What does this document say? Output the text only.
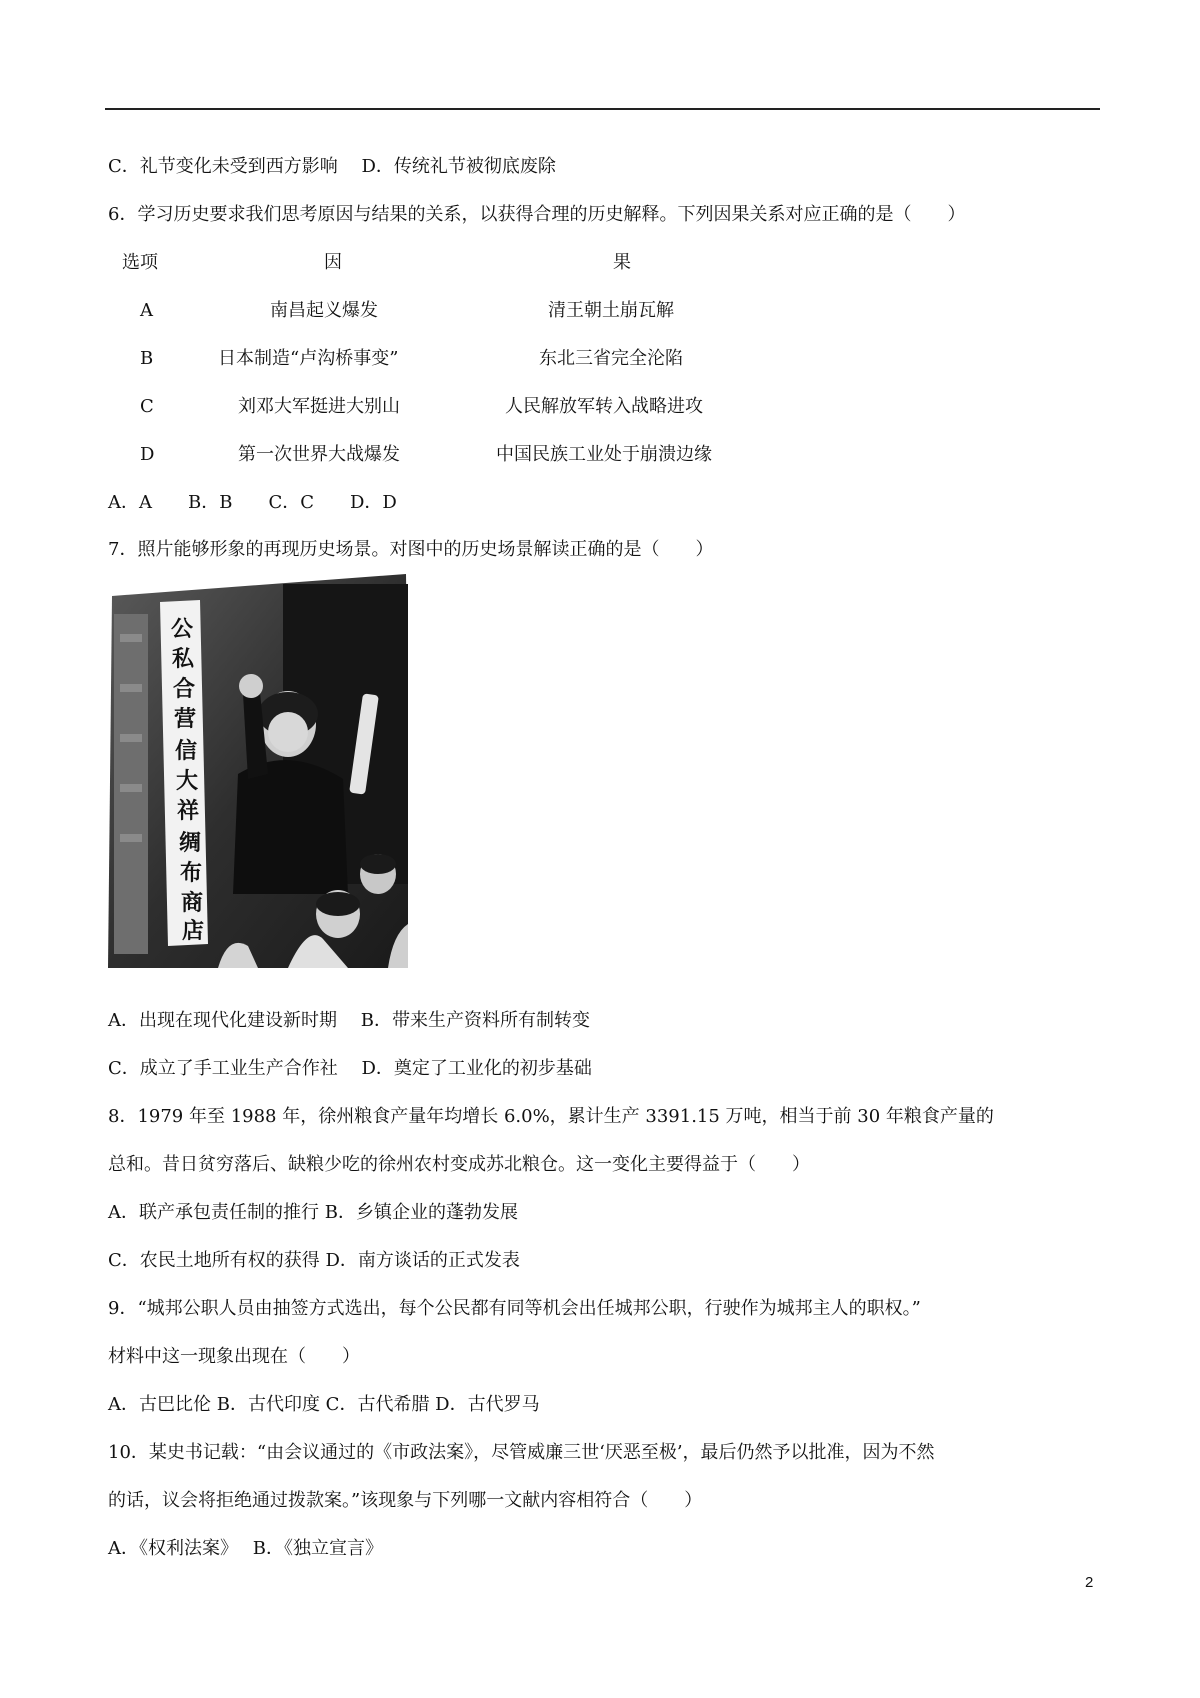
C．礼节变化未受到西方影响　 D．传统礼节被彻底废除
6．学习历史要求我们思考原因与结果的关系，以获得合理的历史解释。下列因果关系对应正确的是（　　）
选项	因	果
A	南昌起义爆发	清王朝土崩瓦解
B	日本制造“卢沟桥事变”	东北三省完全沦陷
C	刘邓大军挺进大别山	人民解放军转入战略进攻
D	第一次世界大战爆发	中国民族工业处于崩溃边缘
A．A　　B．B　　C．C　　D．D
7．照片能够形象的再现历史场景。对图中的历史场景解读正确的是（　　）
公
私
合
营
信
大
祥
绸
布
商
店
A．出现在现代化建设新时期　 B．带来生产资料所有制转变
C．成立了手工业生产合作社　 D．奠定了工业化的初步基础
8．1979 年至 1988 年，徐州粮食产量年均增长 6.0%，累计生产 3391.15 万吨，相当于前 30 年粮食产量的
总和。昔日贫穷落后、缺粮少吃的徐州农村变成苏北粮仓。这一变化主要得益于（　　）
A．联产承包责任制的推行 B．乡镇企业的蓬勃发展
C．农民土地所有权的获得 D．南方谈话的正式发表
9．“城邦公职人员由抽签方式选出，每个公民都有同等机会出任城邦公职，行驶作为城邦主人的职权。”
材料中这一现象出现在（　　）
A．古巴比伦 B．古代印度 C．古代希腊 D．古代罗马
10．某史书记载：“由会议通过的《市政法案》，尽管威廉三世‘厌恶至极’，最后仍然予以批准，因为不然
的话，议会将拒绝通过拨款案。”该现象与下列哪一文献内容相符合（　　）
A．《权利法案》　 B．《独立宣言》
2
